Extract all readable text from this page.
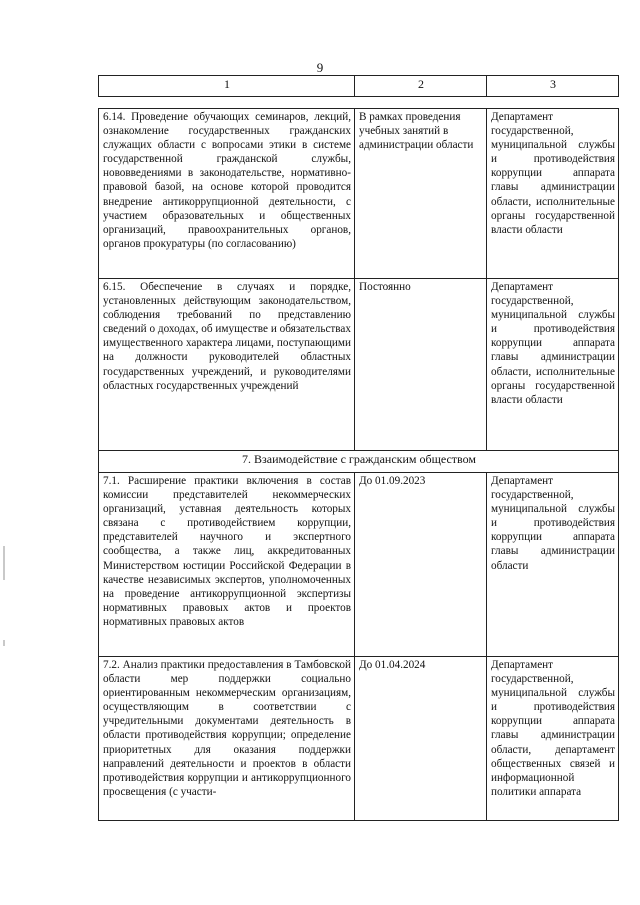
9
1	2	3
6.14. Проведение обучающих семинаров, лекций, ознакомление государственных гражданских служащих области с вопросами этики в системе государственной гражданской службы, нововведениями в законодательстве, нормативно-правовой базой, на основе которой проводится внедрение антикоррупционной деятельности, с участием образовательных и общественных организаций, правоохранительных органов, органов прокуратуры (по согласованию)	В рамках проведения учебных занятий в администрации области	Департамент государственной, муниципальной службы и противодействия коррупции аппарата главы администрации области, исполнительные органы государственной власти области
6.15. Обеспечение в случаях и порядке, установленных действующим законодательством, соблюдения требований по представлению сведений о доходах, об имуществе и обязательствах имущественного характера лицами, поступающими на должности руководителей областных государственных учреждений, и руководителями областных государственных учреждений	Постоянно	Департамент государственной, муниципальной службы и противодействия коррупции аппарата главы администрации области, исполнительные органы государственной власти области
7. Взаимодействие с гражданским обществом		
7.1. Расширение практики включения в состав комиссии представителей некоммерческих организаций, уставная деятельность которых связана с противодействием коррупции, представителей научного и экспертного сообщества, а также лиц, аккредитованных Министерством юстиции Российской Федерации в качестве независимых экспертов, уполномоченных на проведение антикоррупционной экспертизы нормативных правовых актов и проектов нормативных правовых актов	До 01.09.2023	Департамент государственной, муниципальной службы и противодействия коррупции аппарата главы администрации области
7.2. Анализ практики предоставления в Тамбовской области мер поддержки социально ориентированным некоммерческим организациям, осуществляющим в соответствии с учредительными документами деятельность в области противодействия коррупции; определение приоритетных для оказания поддержки направлений деятельности и проектов в области противодействия коррупции и антикоррупционного просвещения (с участи-	До 01.04.2024	Департамент государственной, муниципальной службы и противодействия коррупции аппарата главы администрации области, департамент общественных связей и информационной политики аппарата
